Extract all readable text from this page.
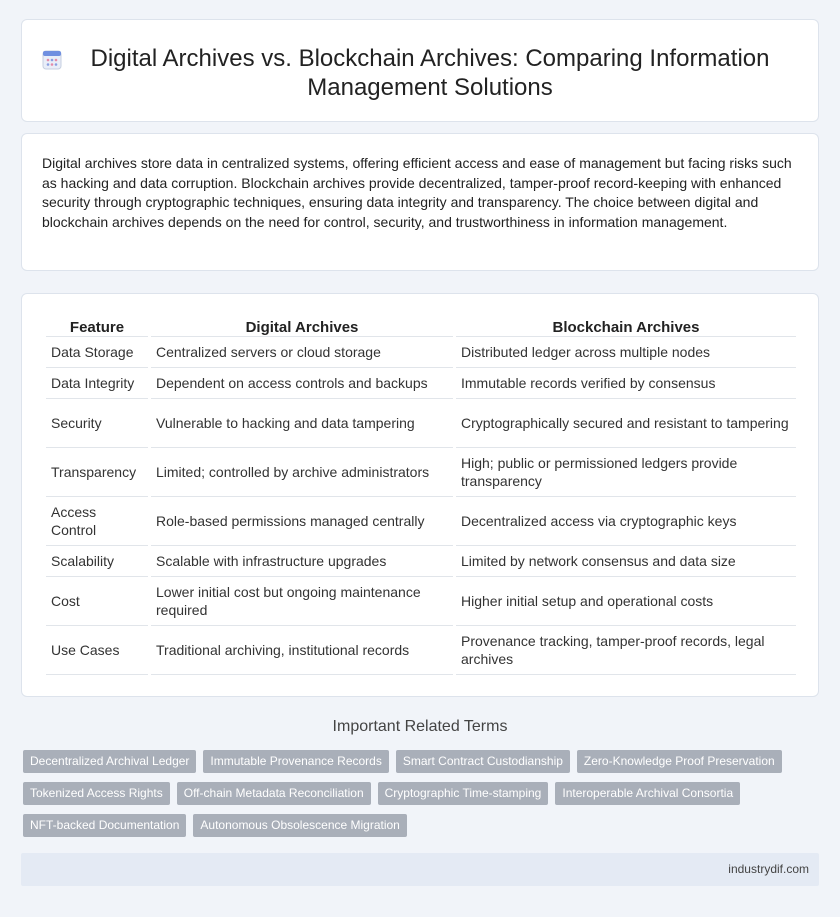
Digital Archives vs. Blockchain Archives: Comparing Information Management Solutions

Digital archives store data in centralized systems, offering efficient access and ease of management but facing risks such as hacking and data corruption. Blockchain archives provide decentralized, tamper-proof record-keeping with enhanced security through cryptographic techniques, ensuring data integrity and transparency. The choice between digital and blockchain archives depends on the need for control, security, and trustworthiness in information management.

Feature	Digital Archives	Blockchain Archives
Data Storage	Centralized servers or cloud storage	Distributed ledger across multiple nodes
Data Integrity	Dependent on access controls and backups	Immutable records verified by consensus
Security	Vulnerable to hacking and data tampering	Cryptographically secured and resistant to tampering
Transparency	Limited; controlled by archive administrators	High; public or permissioned ledgers provide transparency
Access Control	Role-based permissions managed centrally	Decentralized access via cryptographic keys
Scalability	Scalable with infrastructure upgrades	Limited by network consensus and data size
Cost	Lower initial cost but ongoing maintenance required	Higher initial setup and operational costs
Use Cases	Traditional archiving, institutional records	Provenance tracking, tamper-proof records, legal archives
Important Related Terms
Decentralized Archival Ledger	Immutable Provenance Records	Smart Contract Custodianship	Zero-Knowledge Proof Preservation
Tokenized Access Rights	Off-chain Metadata Reconciliation	Cryptographic Time-stamping	Interoperable Archival Consortia
NFT-backed Documentation	Autonomous Obsolescence Migration
industrydif.com
